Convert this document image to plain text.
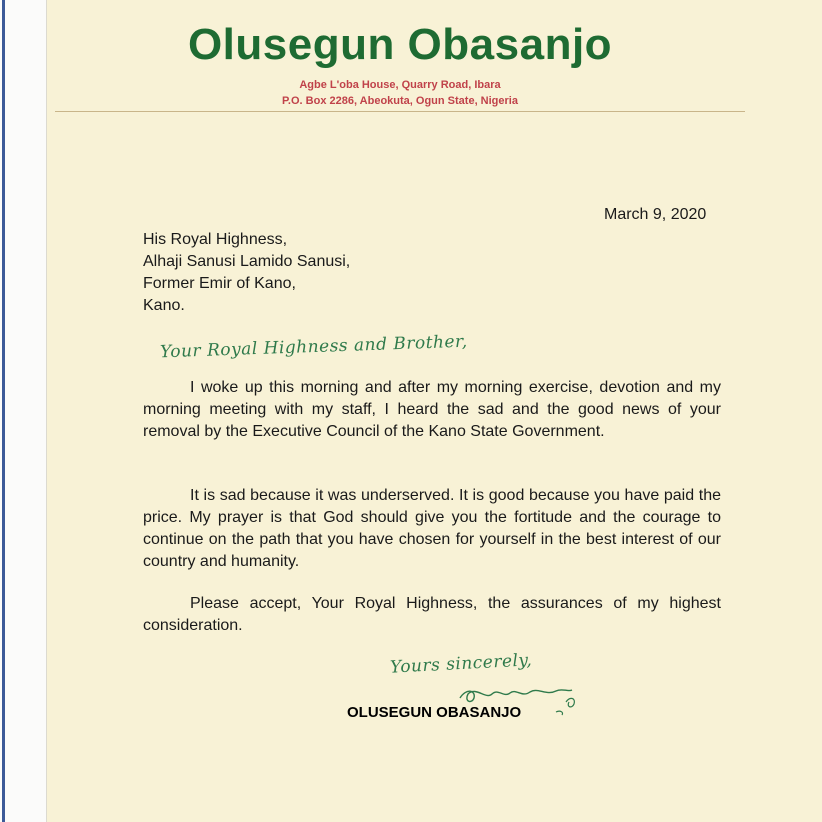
Olusegun Obasanjo
Agbe L'oba House, Quarry Road, Ibara
P.O. Box 2286, Abeokuta, Ogun State, Nigeria
March 9, 2020
His Royal Highness,
Alhaji Sanusi Lamido Sanusi,
Former Emir of Kano,
Kano.
Your Royal Highness and Brother,
I woke up this morning and after my morning exercise, devotion and my morning meeting with my staff, I heard the sad and the good news of your removal by the Executive Council of the Kano State Government.
It is sad because it was underserved. It is good because you have paid the price. My prayer is that God should give you the fortitude and the courage to continue on the path that you have chosen for yourself in the best interest of our country and humanity.
Please accept, Your Royal Highness, the assurances of my highest consideration.
Yours sincerely,
OLUSEGUN OBASANJO
